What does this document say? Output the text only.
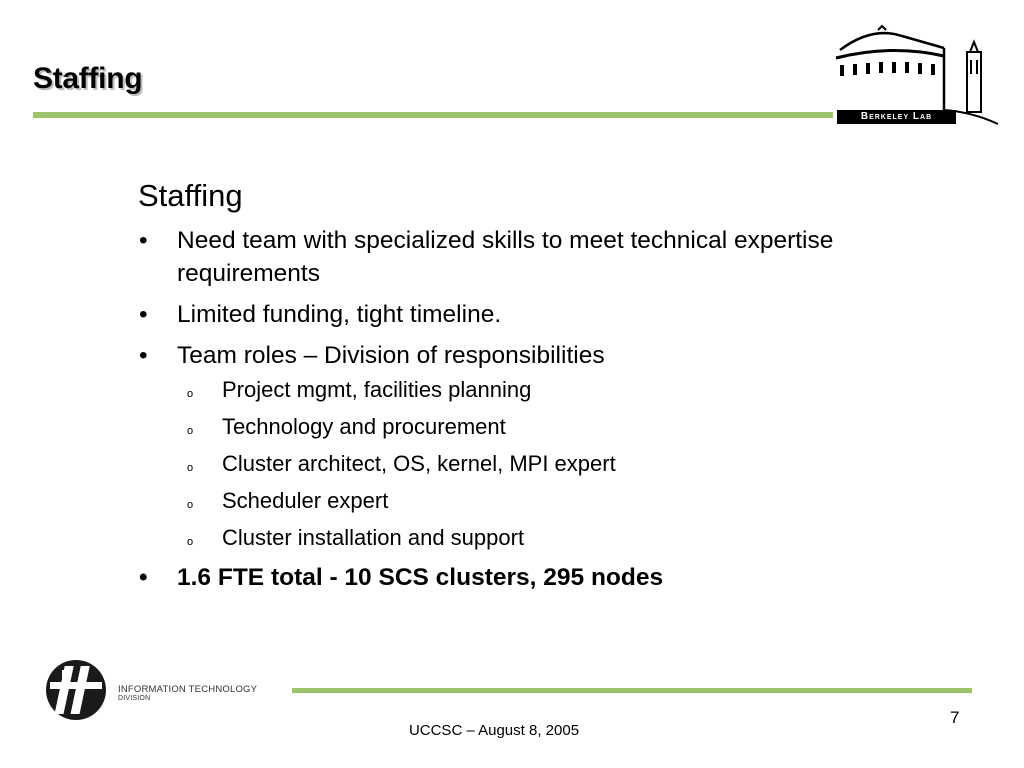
Staffing
Berkeley Lab
Staffing
• Need team with specialized skills to meet technical expertise requirements
• Limited funding, tight timeline.
• Team roles – Division of responsibilities
o Project mgmt, facilities planning
o Technology and procurement
o Cluster architect, OS, kernel, MPI expert
o Scheduler expert
o Cluster installation and support
• 1.6 FTE total - 10 SCS clusters, 295 nodes
INFORMATION TECHNOLOGY
DIVISION
7
UCCSC – August 8, 2005
